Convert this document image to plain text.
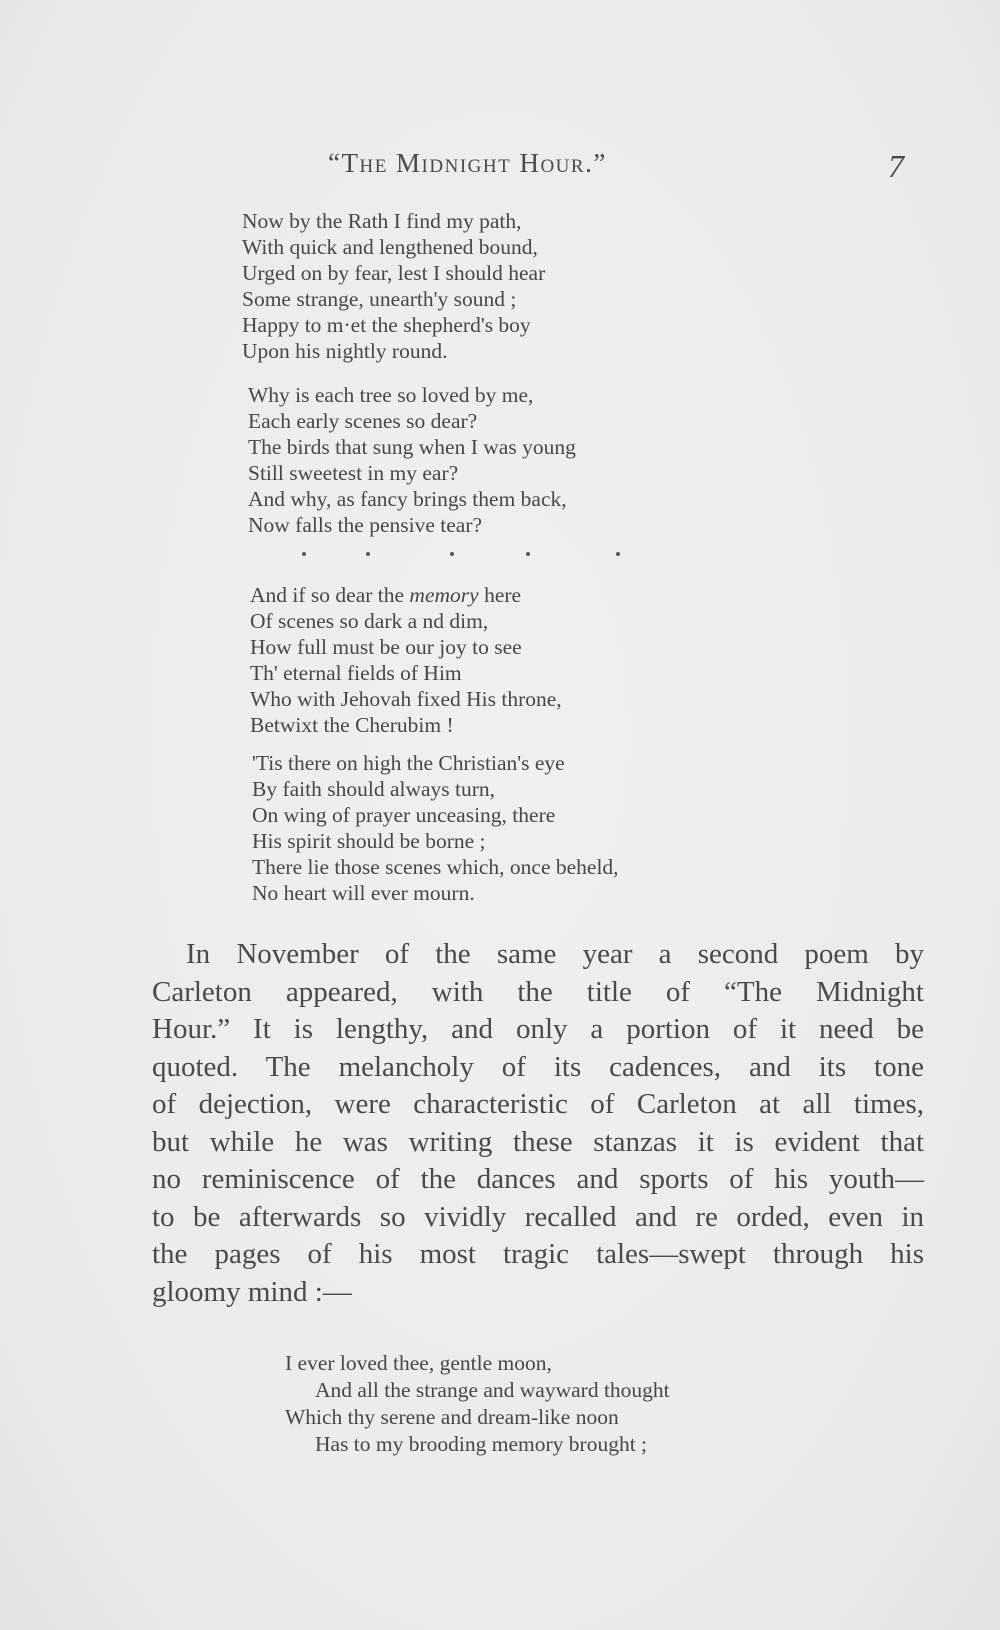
“The Midnight Hour.”	7
Now by the Rath I find my path,
With quick and lengthened bound,
Urged on by fear, lest I should hear
Some strange, unearth'y sound ;
Happy to m·et the shepherd's boy
Upon his nightly round.
Why is each tree so loved by me,
Each early scenes so dear?
The birds that sung when I was young
Still sweetest in my ear?
And why, as fancy brings them back,
Now falls the pensive tear?
And if so dear the memory here
Of scenes so dark a nd dim,
How full must be our joy to see
Th' eternal fields of Him
Who with Jehovah fixed His throne,
Betwixt the Cherubim !
'Tis there on high the Christian's eye
By faith should always turn,
On wing of prayer unceasing, there
His spirit should be borne ;
There lie those scenes which, once beheld,
No heart will ever mourn.
In November of the same year a second poem by
Carleton appeared, with the title of “The Midnight
Hour.” It is lengthy, and only a portion of it need be
quoted. The melancholy of its cadences, and its tone
of dejection, were characteristic of Carleton at all times,
but while he was writing these stanzas it is evident that
no reminiscence of the dances and sports of his youth—
to be afterwards so vividly recalled and re orded, even in
the pages of his most tragic tales—swept through his
gloomy mind :—
I ever loved thee, gentle moon,
And all the strange and wayward thought
Which thy serene and dream-like noon
Has to my brooding memory brought ;
